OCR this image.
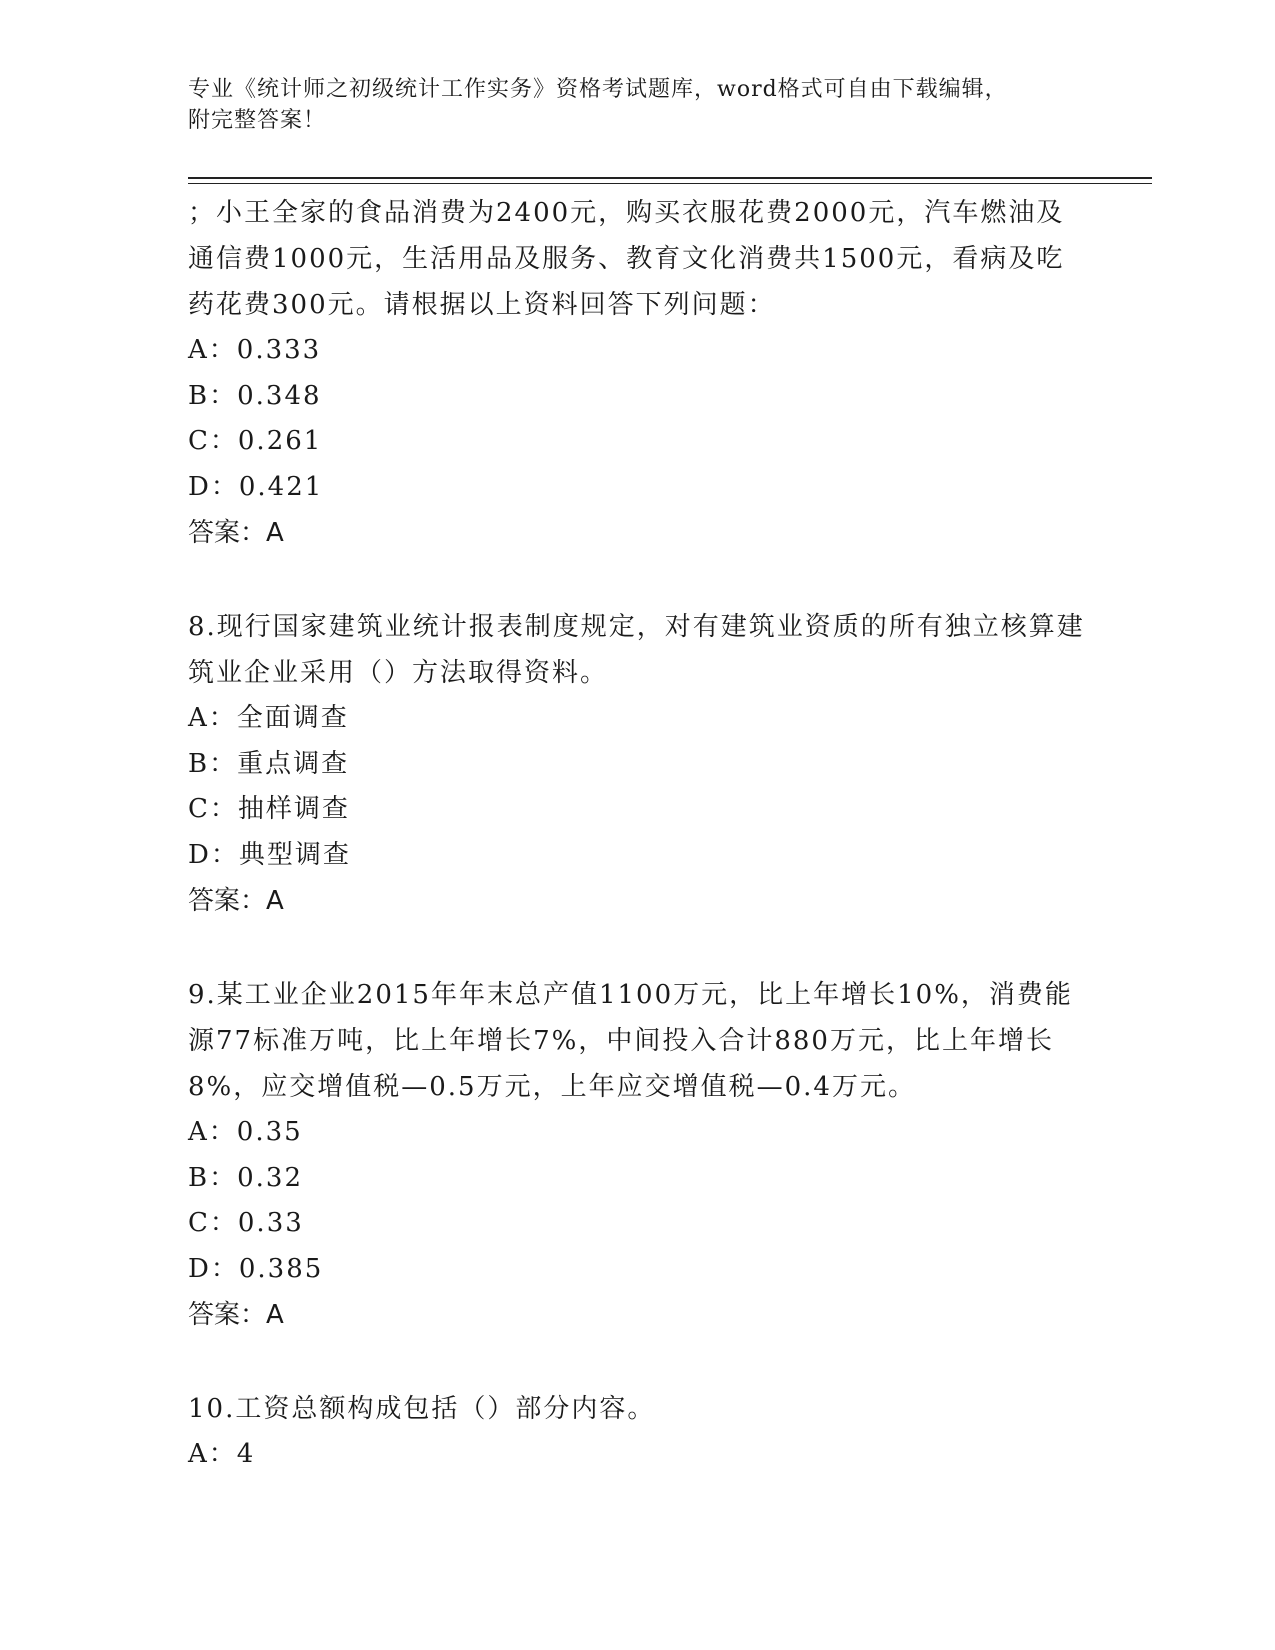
专业《统计师之初级统计工作实务》资格考试题库，word格式可自由下载编辑，
附完整答案！

；小王全家的食品消费为2400元，购买衣服花费2000元，汽车燃油及通信费1000元，生活用品及服务、教育文化消费共1500元，看病及吃药花费300元。请根据以上资料回答下列问题：

A：0.333

B：0.348

C：0.261

D：0.421

答案：A

8.现行国家建筑业统计报表制度规定，对有建筑业资质的所有独立核算建筑业企业采用（）方法取得资料。

A：全面调查

B：重点调查

C：抽样调查

D：典型调查

答案：A

9.某工业企业2015年年末总产值1100万元，比上年增长10%，消费能源77标准万吨，比上年增长7%，中间投入合计880万元，比上年增长8%，应交增值税—0.5万元，上年应交增值税—0.4万元。

A：0.35

B：0.32

C：0.33

D：0.385

答案：A

10.工资总额构成包括（）部分内容。

A：4
